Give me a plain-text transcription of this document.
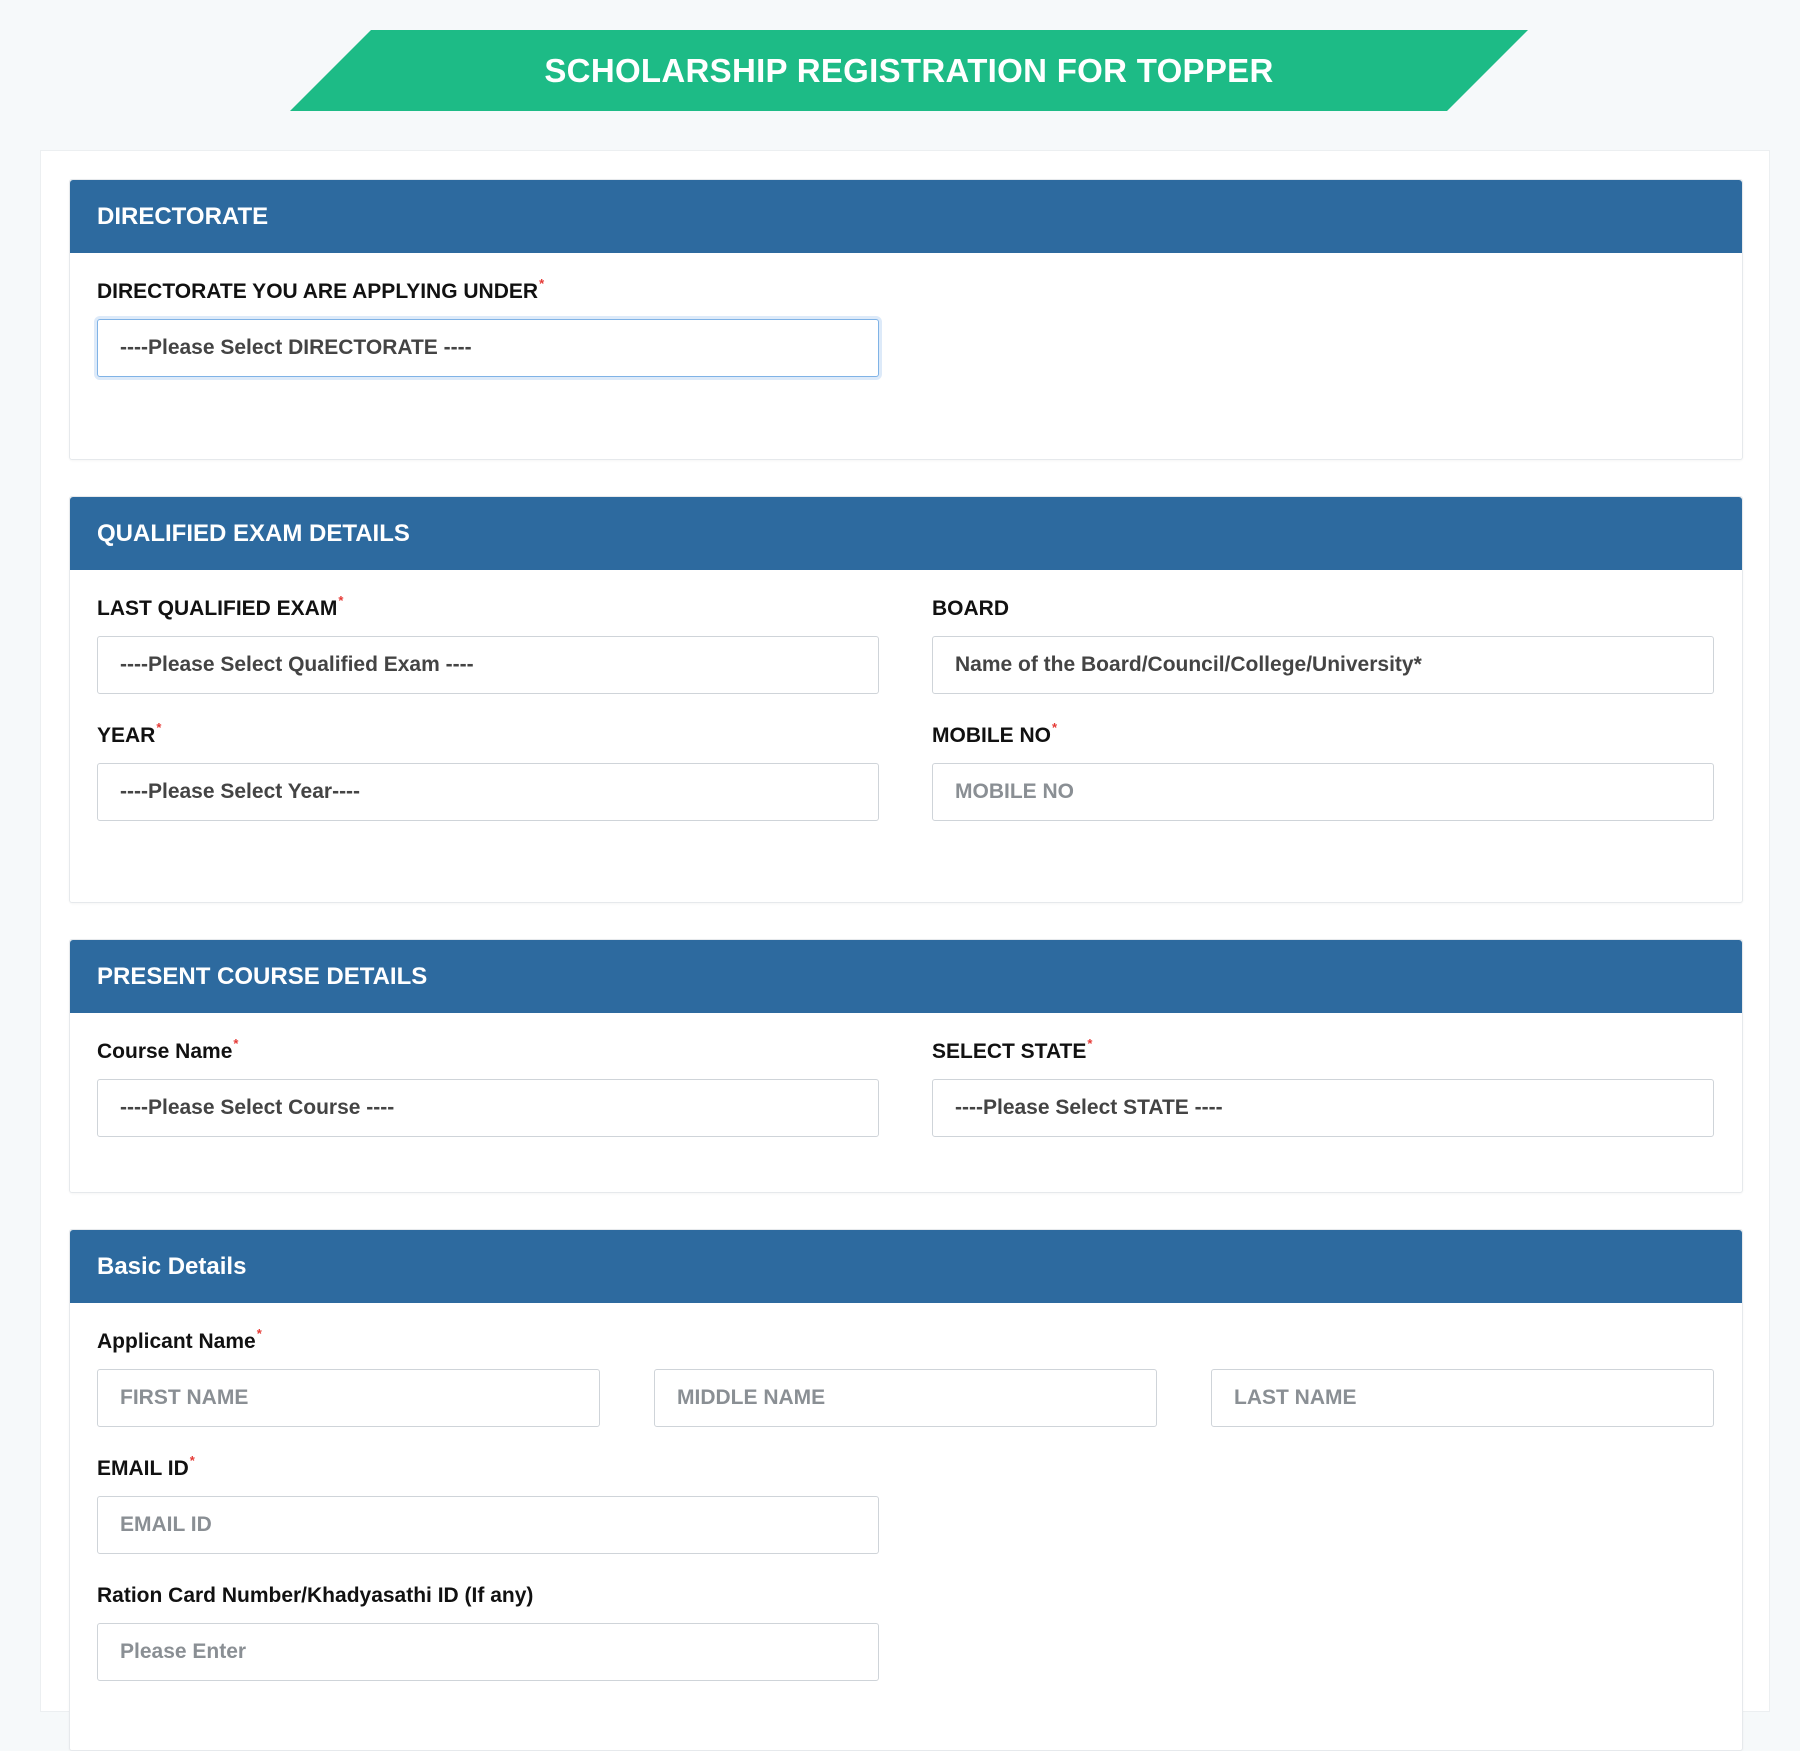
SCHOLARSHIP REGISTRATION FOR TOPPER
DIRECTORATE
DIRECTORATE YOU ARE APPLYING UNDER*
----Please Select DIRECTORATE ----
QUALIFIED EXAM DETAILS
LAST QUALIFIED EXAM*
----Please Select Qualified Exam ----
BOARD
Name of the Board/Council/College/University*
YEAR*
----Please Select Year----
MOBILE NO*
MOBILE NO
PRESENT COURSE DETAILS
Course Name*
----Please Select Course ----
SELECT STATE*
----Please Select STATE ----
Basic Details
Applicant Name*
FIRST NAME
MIDDLE NAME
LAST NAME
EMAIL ID*
EMAIL ID
Ration Card Number/Khadyasathi ID (If any)
Please Enter
